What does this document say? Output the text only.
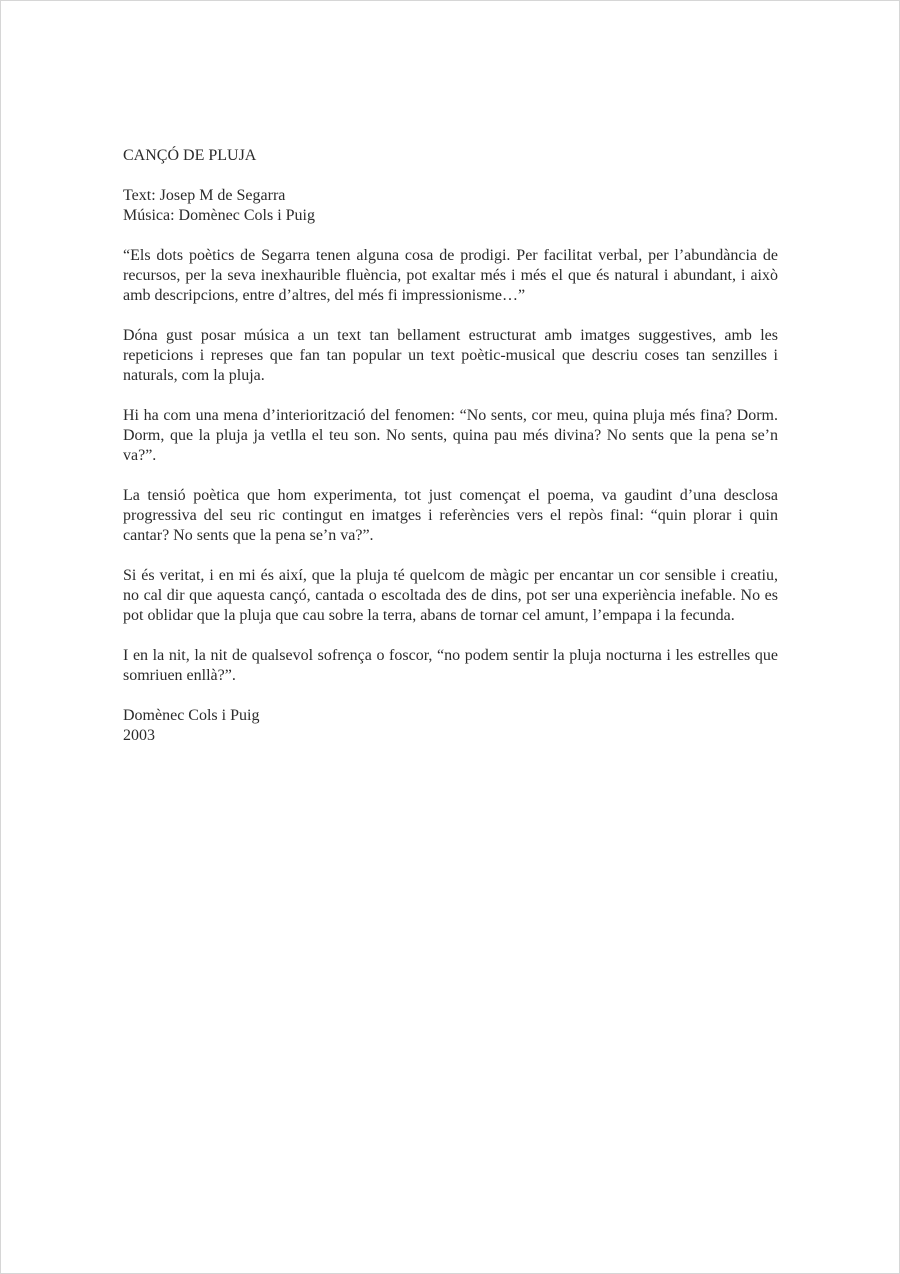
CANÇÓ DE PLUJA

Text: Josep M de Segarra
Música: Domènec Cols i Puig

“Els dots poètics de Segarra tenen alguna cosa de prodigi. Per facilitat verbal, per l’abundància de recursos, per la seva inexhaurible fluència, pot exaltar més i més el que és natural i abundant, i això amb descripcions, entre d’altres, del més fi impressionisme…”

Dóna gust posar música a un text tan bellament estructurat amb imatges suggestives, amb les repeticions i represes que fan tan popular un text poètic-musical que descriu coses tan senzilles i naturals, com la pluja.

Hi ha com una mena d’interiorització del fenomen: “No sents, cor meu, quina pluja més fina? Dorm. Dorm, que la pluja ja vetlla el teu son. No sents, quina pau més divina? No sents que la pena se’n va?”.

La tensió poètica que hom experimenta, tot just començat el poema, va gaudint d’una desclosa progressiva del seu ric contingut en imatges i referències vers el repòs final: “quin plorar i quin cantar? No sents que la pena se’n va?”.

Si és veritat, i en mi és així, que la pluja té quelcom de màgic per encantar un cor sensible i creatiu, no cal dir que aquesta cançó, cantada o escoltada des de dins, pot ser una experiència inefable. No es pot oblidar que la pluja que cau sobre la terra, abans de tornar cel amunt, l’empapa i la fecunda.

I en la nit, la nit de qualsevol sofrença o foscor, “no podem sentir la pluja nocturna i les estrelles que somriuen enllà?”.

Domènec Cols i Puig
2003
